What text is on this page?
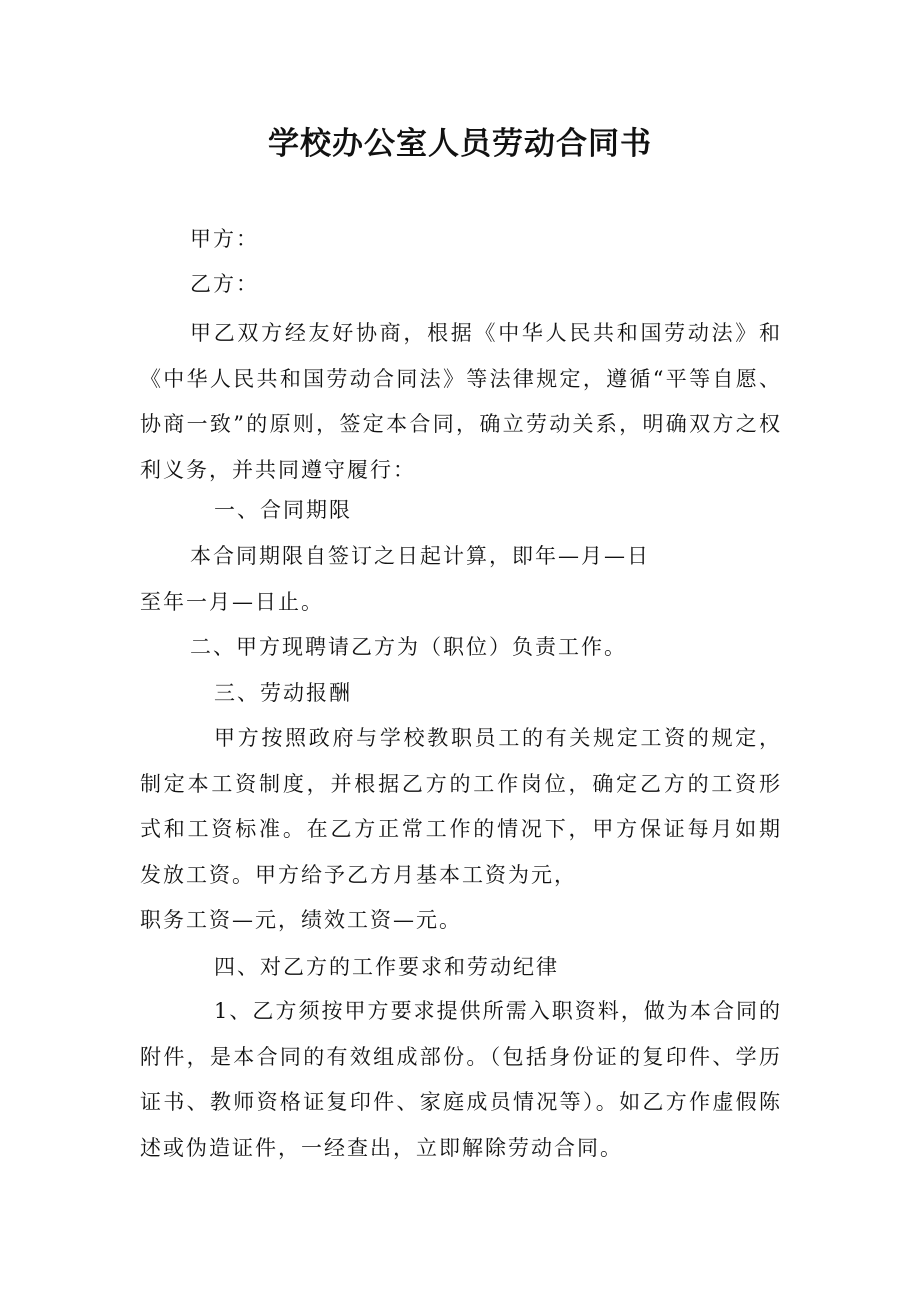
学校办公室人员劳动合同书

甲方：

乙方：

甲乙双方经友好协商，根据《中华人民共和国劳动法》和《中华人民共和国劳动合同法》等法律规定，遵循“平等自愿、协商一致”的原则，签定本合同，确立劳动关系，明确双方之权利义务，并共同遵守履行：

一、合同期限

本合同期限自签订之日起计算，即年—月—日

至年一月—日止。

二、甲方现聘请乙方为（职位）负责工作。

三、劳动报酬

甲方按照政府与学校教职员工的有关规定工资的规定，制定本工资制度，并根据乙方的工作岗位，确定乙方的工资形式和工资标准。在乙方正常工作的情况下，甲方保证每月如期发放工资。甲方给予乙方月基本工资为元，

职务工资—元，绩效工资—元。

四、对乙方的工作要求和劳动纪律

1、乙方须按甲方要求提供所需入职资料，做为本合同的附件，是本合同的有效组成部份。（包括身份证的复印件、学历证书、教师资格证复印件、家庭成员情况等）。如乙方作虚假陈述或伪造证件，一经查出，立即解除劳动合同。
